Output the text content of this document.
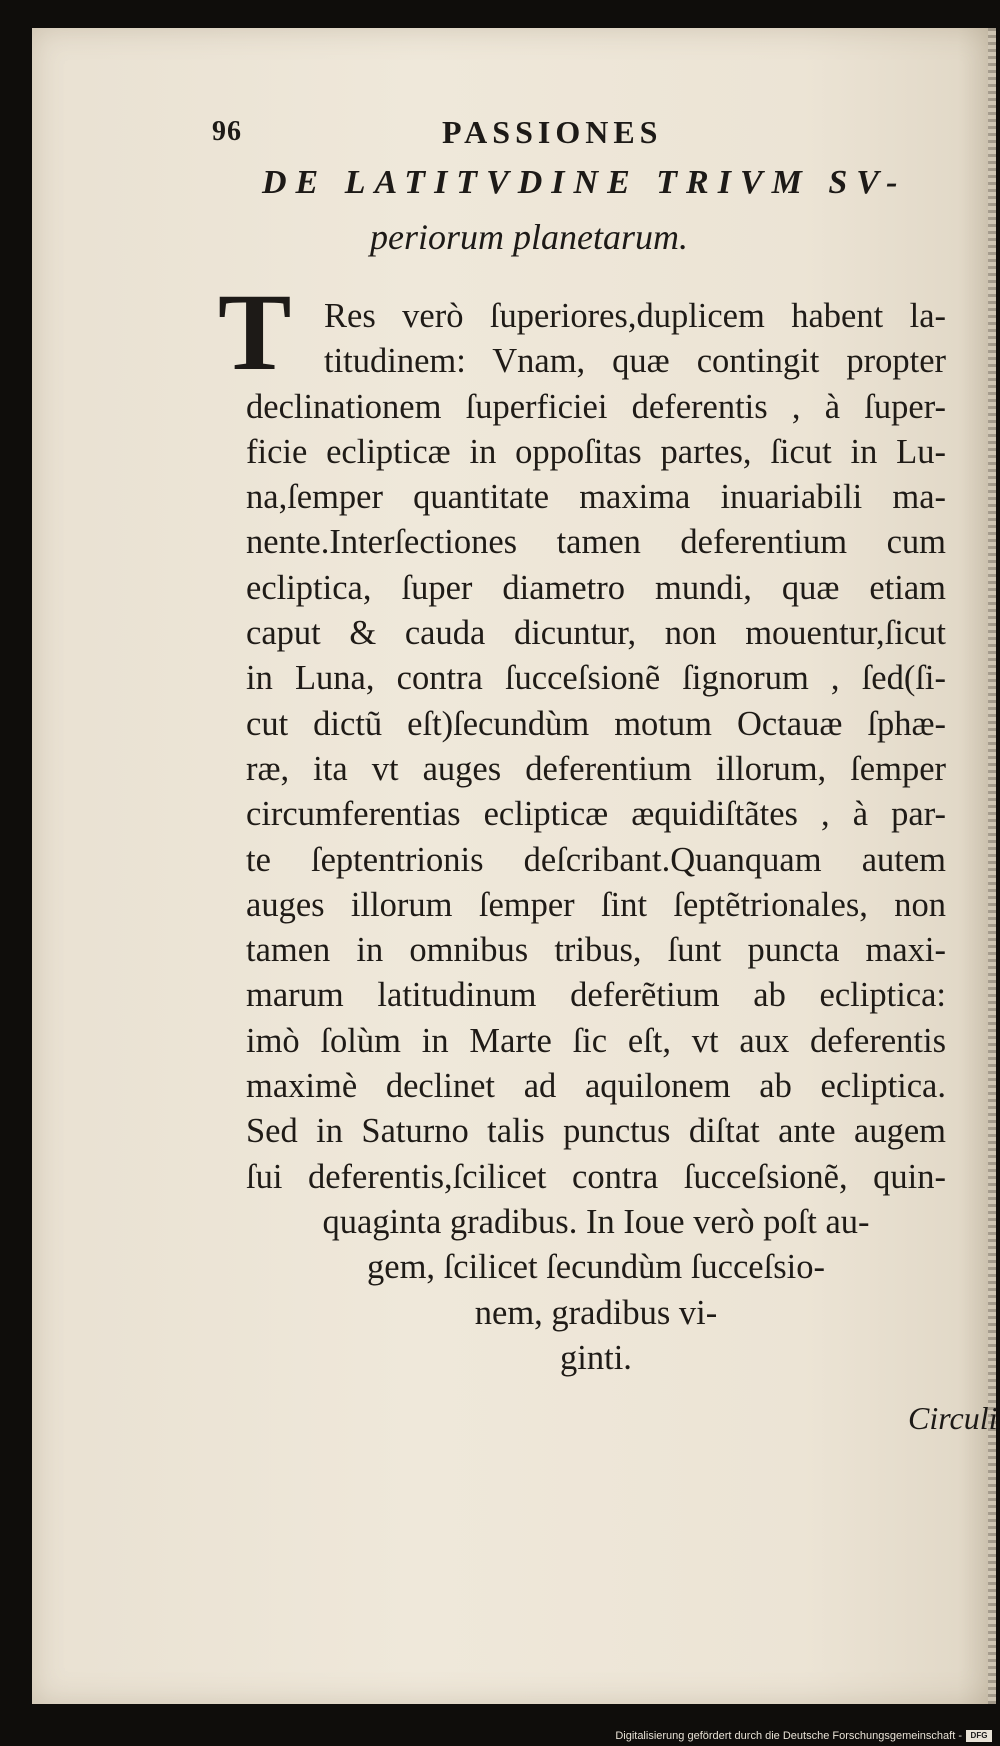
96	PASSIONES
DE LATITVDINE TRIVM SV-
periorum planetarum.
T Res verò ſuperiores,duplicem habent la-
titudinem: Vnam, quæ contingit propter
declinationem ſuperficiei deferentis , à ſuper-
ficie eclipticæ in oppoſitas partes, ſicut in Lu-
na,ſemper quantitate maxima inuariabili ma-
nente.Interſectiones tamen deferentium cum
ecliptica, ſuper diametro mundi, quæ etiam
caput & cauda dicuntur, non mouentur,ſicut
in Luna, contra ſucceſsionẽ ſignorum , ſed(ſi-
cut dictũ eſt)ſecundùm motum Octauæ ſphæ-
ræ, ita vt auges deferentium illorum, ſemper
circumferentias eclipticæ æquidiſtãtes , à par-
te ſeptentrionis deſcribant.Quanquam autem
auges illorum ſemper ſint ſeptẽtrionales, non
tamen in omnibus tribus, ſunt puncta maxi-
marum latitudinum deferẽtium ab ecliptica:
imò ſolùm in Marte ſic eſt, vt aux deferentis
maximè declinet ad aquilonem ab ecliptica.
Sed in Saturno talis punctus diſtat ante augem
ſui deferentis,ſcilicet contra ſucceſsionẽ, quin-
quaginta gradibus. In Ioue verò poſt au-
gem, ſcilicet ſecundùm ſucceſsio-
nem, gradibus vi-
ginti.
Circuli
Digitalisierung gefördert durch die Deutsche Forschungsgemeinschaft -	DFG
